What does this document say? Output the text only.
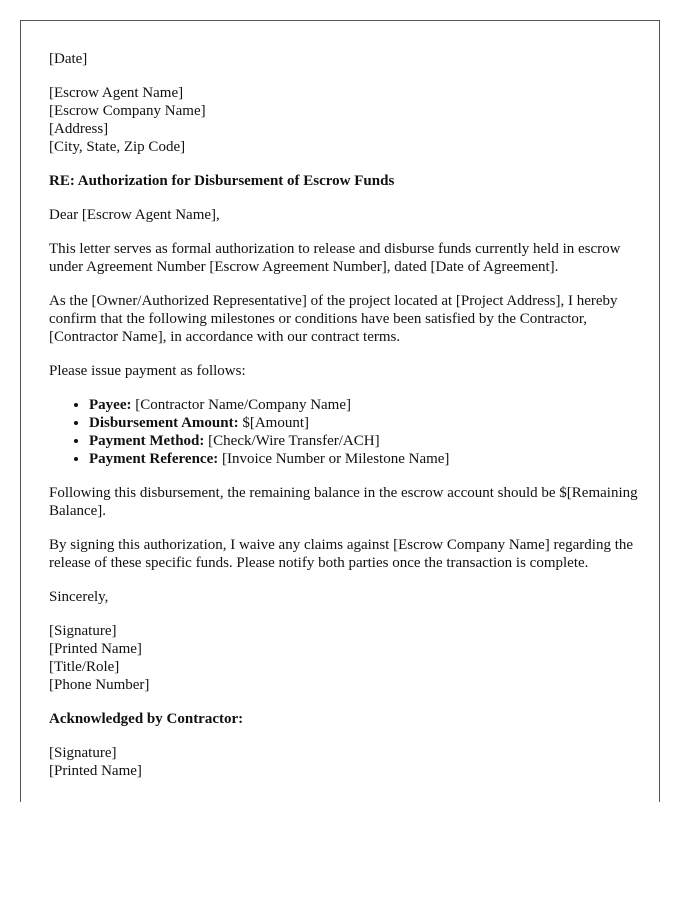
[Date]

[Escrow Agent Name]
[Escrow Company Name]
[Address]
[City, State, Zip Code]

RE: Authorization for Disbursement of Escrow Funds

Dear [Escrow Agent Name],

This letter serves as formal authorization to release and disburse funds currently held in escrow under Agreement Number [Escrow Agreement Number], dated [Date of Agreement].

As the [Owner/Authorized Representative] of the project located at [Project Address], I hereby confirm that the following milestones or conditions have been satisfied by the Contractor, [Contractor Name], in accordance with our contract terms.

Please issue payment as follows:

• Payee: [Contractor Name/Company Name]
• Disbursement Amount: $[Amount]
• Payment Method: [Check/Wire Transfer/ACH]
• Payment Reference: [Invoice Number or Milestone Name]

Following this disbursement, the remaining balance in the escrow account should be $[Remaining Balance].

By signing this authorization, I waive any claims against [Escrow Company Name] regarding the release of these specific funds. Please notify both parties once the transaction is complete.

Sincerely,

[Signature]
[Printed Name]
[Title/Role]
[Phone Number]

Acknowledged by Contractor:

[Signature]
[Printed Name]
